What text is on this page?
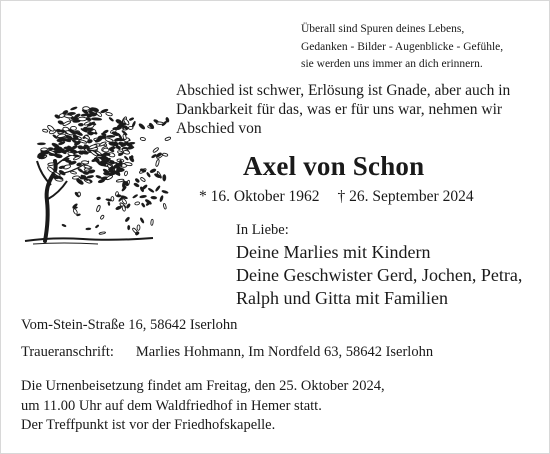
Überall sind Spuren deines Lebens,
Gedanken - Bilder - Augenblicke - Gefühle,
sie werden uns immer an dich erinnern.
Abschied ist schwer, Erlösung ist Gnade, aber auch in
Dankbarkeit für das, was er für uns war, nehmen wir
Abschied von
Axel von Schon
* 16. Oktober 1962 † 26. September 2024
In Liebe:
Deine Marlies mit Kindern
Deine Geschwister Gerd, Jochen, Petra,
Ralph und Gitta mit Familien
Vom-Stein-Straße 16, 58642 Iserlohn
Traueranschrift: Marlies Hohmann, Im Nordfeld 63, 58642 Iserlohn
Die Urnenbeisetzung findet am Freitag, den 25. Oktober 2024,
um 11.00 Uhr auf dem Waldfriedhof in Hemer statt.
Der Treffpunkt ist vor der Friedhofskapelle.
